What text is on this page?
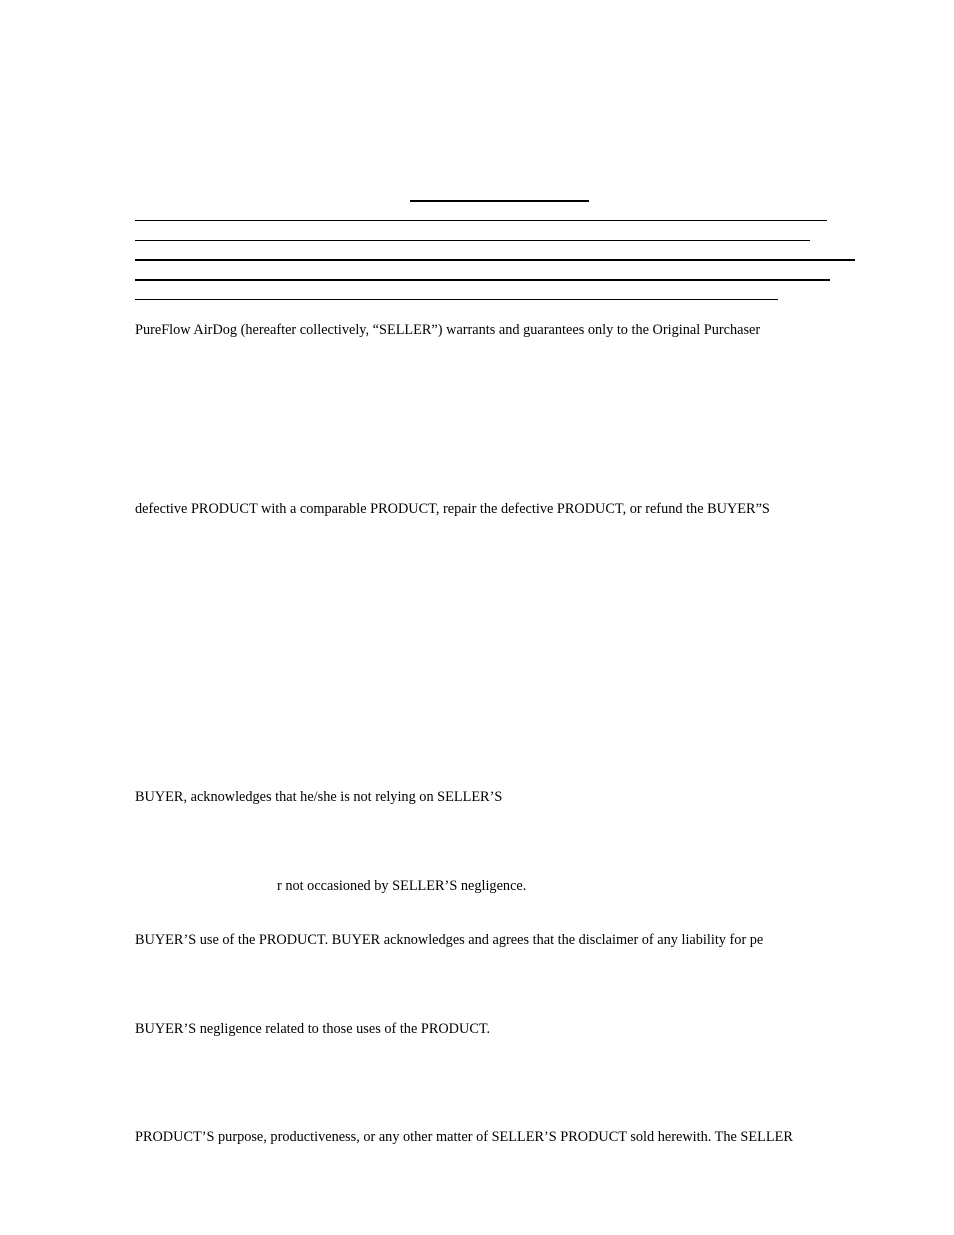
PureFlow AirDog (hereafter collectively, “SELLER”) warrants and guarantees only to the Original Purchaser
defective PRODUCT with a comparable PRODUCT, repair the defective PRODUCT, or refund the BUYER”S
BUYER, acknowledges that he/she is not relying on SELLER’S
r not occasioned by SELLER’S negligence.
BUYER’S use of the PRODUCT. BUYER acknowledges and agrees that the disclaimer of any liability for pe
BUYER’S negligence related to those uses of the PRODUCT.
PRODUCT’S purpose, productiveness, or any other matter of SELLER’S PRODUCT sold herewith. The SELLER
